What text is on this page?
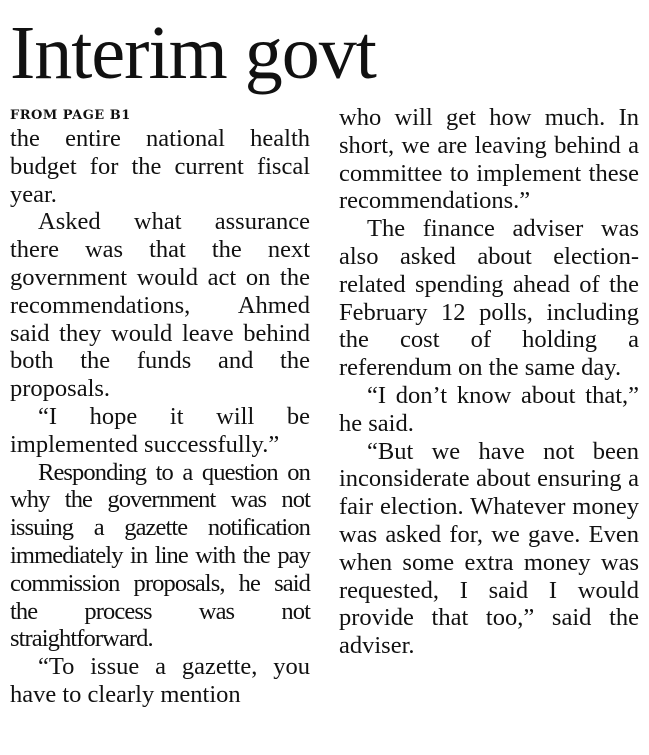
Interim govt
FROM PAGE B1

the entire national health budget for the current fiscal year.

Asked what assurance there was that the next government would act on the recommendations, Ahmed said they would leave behind both the funds and the proposals.

“I hope it will be implemented successfully.”

Responding to a question on why the government was not issuing a gazette notification immediately in line with the pay commission proposals, he said the process was not straightforward.

“To issue a gazette, you have to clearly mention

who will get how much. In short, we are leaving behind a committee to implement these recommendations.”

The finance adviser was also asked about election-related spending ahead of the February 12 polls, including the cost of holding a referendum on the same day.

“I don’t know about that,” he said.

“But we have not been inconsiderate about ensuring a fair election. Whatever money was asked for, we gave. Even when some extra money was requested, I said I would provide that too,” said the adviser.
